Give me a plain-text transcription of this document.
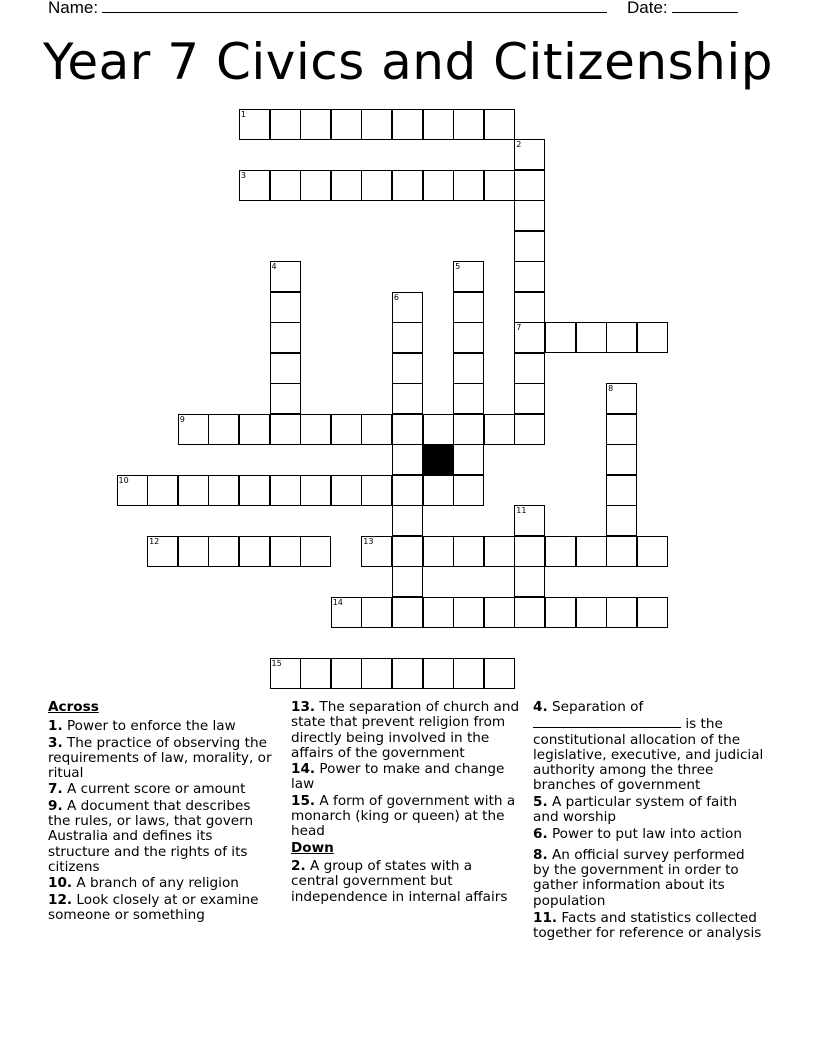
Name:	Date:
Year 7 Civics and Citizenship
1
3
7
9
10
12	13
14
15
2
4	5
6
8
11
Across
1. Power to enforce the law
3. The practice of observing the requirements of law, morality, or ritual
7. A current score or amount
9. A document that describes the rules, or laws, that govern Australia and defines its structure and the rights of its citizens
10. A branch of any religion
12. Look closely at or examine someone or something
13. The separation of church and state that prevent religion from directly being involved in the affairs of the government
14. Power to make and change law
15. A form of government with a monarch (king or queen) at the head
Down
2. A group of states with a central government but independence in internal affairs
4. Separation of
is the constitutional allocation of the legislative, executive, and judicial authority among the three branches of government
5. A particular system of faith and worship
6. Power to put law into action
8. An official survey performed by the government in order to gather information about its population
11. Facts and statistics collected together for reference or analysis
